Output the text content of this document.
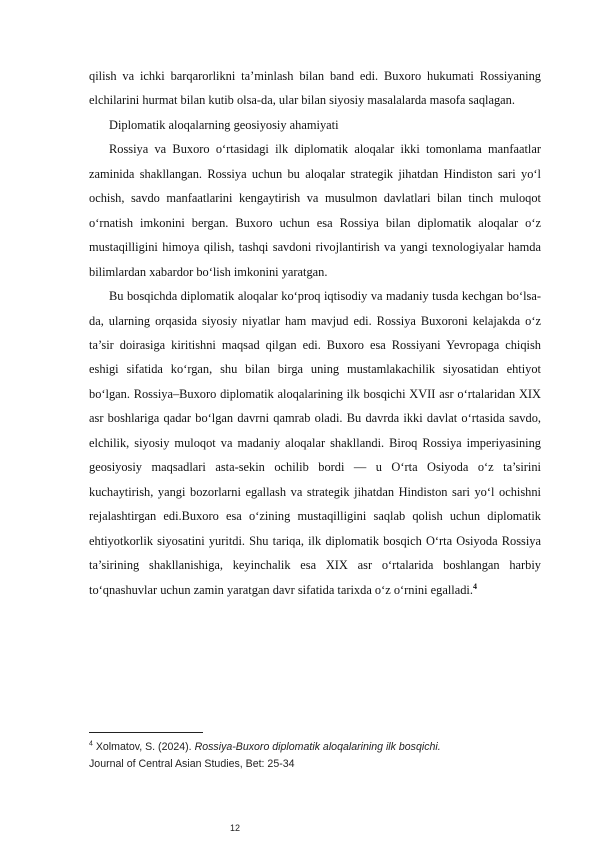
qilish va ichki barqarorlikni ta’minlash bilan band edi. Buxoro hukumati Rossiyaning elchilarini hurmat bilan kutib olsa-da, ular bilan siyosiy masalalarda masofa saqlagan.

Diplomatik aloqalarning geosiyosiy ahamiyati

Rossiya va Buxoro o‘rtasidagi ilk diplomatik aloqalar ikki tomonlama manfaatlar zaminida shakllangan. Rossiya uchun bu aloqalar strategik jihatdan Hindiston sari yo‘l ochish, savdo manfaatlarini kengaytirish va musulmon davlatlari bilan tinch muloqot o‘rnatish imkonini bergan. Buxoro uchun esa Rossiya bilan diplomatik aloqalar o‘z mustaqilligini himoya qilish, tashqi savdoni rivojlantirish va yangi texnologiyalar hamda bilimlardan xabardor bo‘lish imkonini yaratgan.

Bu bosqichda diplomatik aloqalar ko‘proq iqtisodiy va madaniy tusda kechgan bo‘lsa-da, ularning orqasida siyosiy niyatlar ham mavjud edi. Rossiya Buxoroni kelajakda o‘z ta’sir doirasiga kiritishni maqsad qilgan edi. Buxoro esa Rossiyani Yevropaga chiqish eshigi sifatida ko‘rgan, shu bilan birga uning mustamlakachilik siyosatidan ehtiyot bo‘lgan. Rossiya–Buxoro diplomatik aloqalarining ilk bosqichi XVII asr o‘rtalaridan XIX asr boshlariga qadar bo‘lgan davrni qamrab oladi. Bu davrda ikki davlat o‘rtasida savdo, elchilik, siyosiy muloqot va madaniy aloqalar shakllandi. Biroq Rossiya imperiyasining geosiyosiy maqsadlari asta-sekin ochilib bordi — u O‘rta Osiyoda o‘z ta’sirini kuchaytirish, yangi bozorlarni egallash va strategik jihatdan Hindiston sari yo‘l ochishni rejalashtirgan edi.Buxoro esa o‘zining mustaqilligini saqlab qolish uchun diplomatik ehtiyotkorlik siyosatini yuritdi. Shu tariqa, ilk diplomatik bosqich O‘rta Osiyoda Rossiya ta’sirining shakllanishiga, keyinchalik esa XIX asr o‘rtalarida boshlangan harbiy to‘qnashuvlar uchun zamin yaratgan davr sifatida tarixda o‘z o‘rnini egalladi.$^4$

$^4$ Xolmatov, S. (2024). Rossiya-Buxoro diplomatik aloqalarining ilk bosqichi.
Journal of Central Asian Studies, Bet: 25-34
12
